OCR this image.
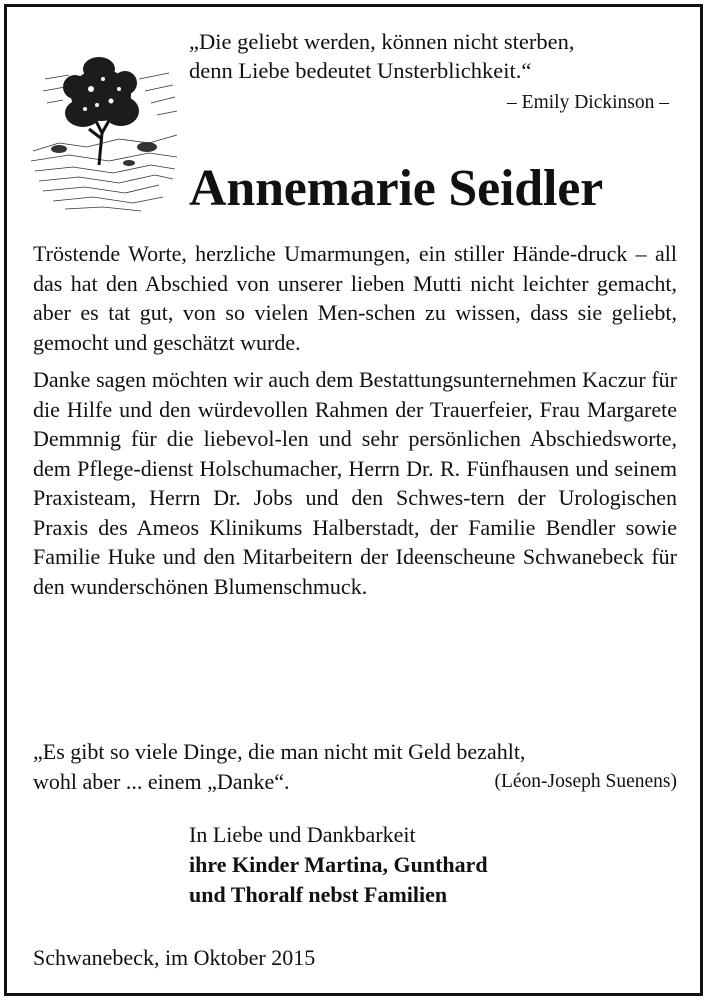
„Die geliebt werden, können nicht sterben,
denn Liebe bedeutet Unsterblichkeit.“
– Emily Dickinson –
Annemarie Seidler

Tröstende Worte, herzliche Umarmungen, ein stiller Hände-druck – all das hat den Abschied von unserer lieben Mutti nicht leichter gemacht, aber es tat gut, von so vielen Men-schen zu wissen, dass sie geliebt, gemocht und geschätzt wurde.

Danke sagen möchten wir auch dem Bestattungsunternehmen Kaczur für die Hilfe und den würdevollen Rahmen der Trauerfeier, Frau Margarete Demmnig für die liebevol-len und sehr persönlichen Abschiedsworte, dem Pflege-dienst Holschumacher, Herrn Dr. R. Fünfhausen und seinem Praxisteam, Herrn Dr. Jobs und den Schwes-tern der Urologischen Praxis des Ameos Klinikums Halberstadt, der Familie Bendler sowie Familie Huke und den Mitarbeitern der Ideenscheune Schwanebeck für den wunderschönen Blumenschmuck.

„Es gibt so viele Dinge, die man nicht mit Geld bezahlt,
wohl aber ... einem „Danke“.	(Léon-Joseph Suenens)
In Liebe und Dankbarkeit
ihre Kinder Martina, Gunthard
und Thoralf nebst Familien
Schwanebeck, im Oktober 2015
